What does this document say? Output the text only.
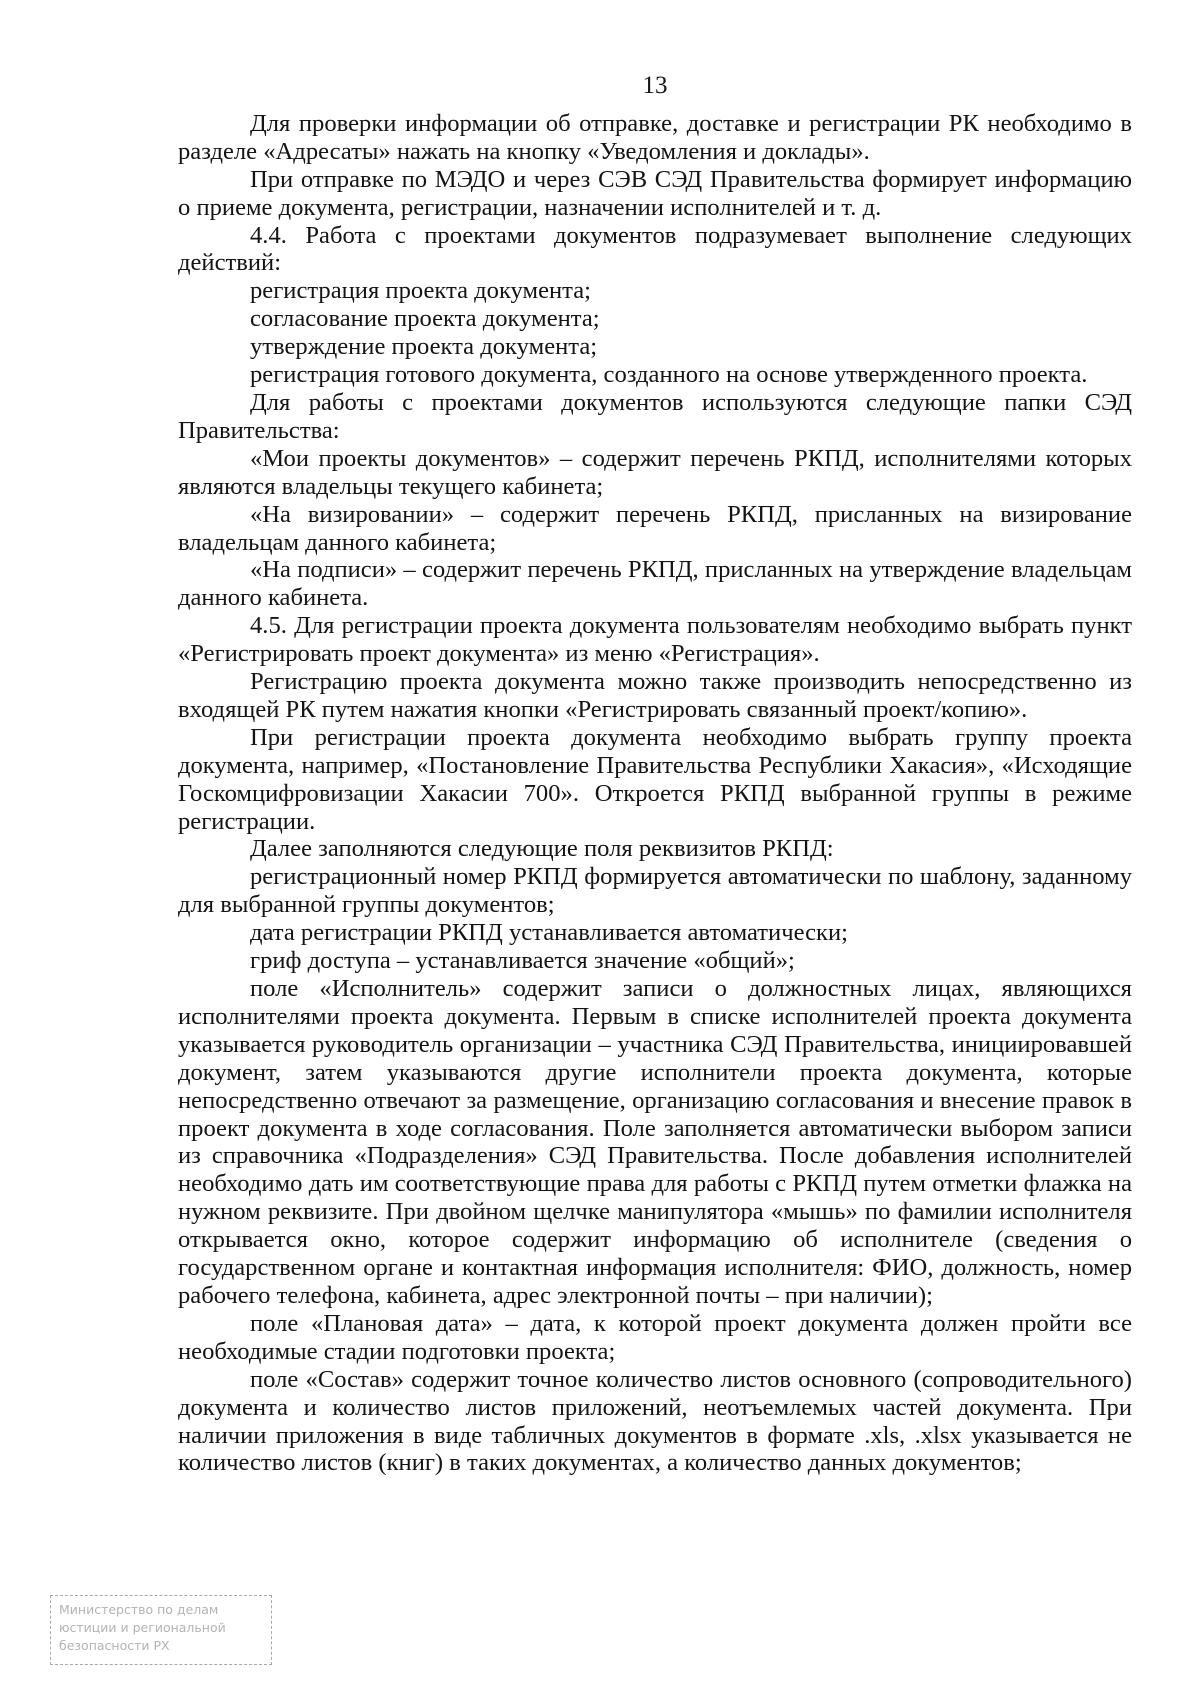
13

Для проверки информации об отправке, доставке и регистрации РК необходимо в разделе «Адресаты» нажать на кнопку «Уведомления и доклады».

При отправке по МЭДО и через СЭВ СЭД Правительства формирует информацию о приеме документа, регистрации, назначении исполнителей и т. д.

4.4. Работа с проектами документов подразумевает выполнение следующих действий:

регистрация проекта документа;

согласование проекта документа;

утверждение проекта документа;

регистрация готового документа, созданного на основе утвержденного проекта.

Для работы с проектами документов используются следующие папки СЭД Правительства:

«Мои проекты документов» – содержит перечень РКПД, исполнителями которых являются владельцы текущего кабинета;

«На визировании» – содержит перечень РКПД, присланных на визирование владельцам данного кабинета;

«На подписи» – содержит перечень РКПД, присланных на утверждение владельцам данного кабинета.

4.5. Для регистрации проекта документа пользователям необходимо выбрать пункт «Регистрировать проект документа» из меню «Регистрация».

Регистрацию проекта документа можно также производить непосредственно из входящей РК путем нажатия кнопки «Регистрировать связанный проект/копию».

При регистрации проекта документа необходимо выбрать группу проекта документа, например, «Постановление Правительства Республики Хакасия», «Исходящие Госкомцифровизации Хакасии 700». Откроется РКПД выбранной группы в режиме регистрации.

Далее заполняются следующие поля реквизитов РКПД:

регистрационный номер РКПД формируется автоматически по шаблону, заданному для выбранной группы документов;

дата регистрации РКПД устанавливается автоматически;

гриф доступа – устанавливается значение «общий»;

поле «Исполнитель» содержит записи о должностных лицах, являющихся исполнителями проекта документа. Первым в списке исполнителей проекта документа указывается руководитель организации – участника СЭД Правительства, инициировавшей документ, затем указываются другие исполнители проекта документа, которые непосредственно отвечают за размещение, организацию согласования и внесение правок в проект документа в ходе согласования. Поле заполняется автоматически выбором записи из справочника «Подразделения» СЭД Правительства. После добавления исполнителей необходимо дать им соответствующие права для работы с РКПД путем отметки флажка на нужном реквизите. При двойном щелчке манипулятора «мышь» по фамилии исполнителя открывается окно, которое содержит информацию об исполнителе (сведения о государственном органе и контактная информация исполнителя: ФИО, должность, номер рабочего телефона, кабинета, адрес электронной почты – при наличии);

поле «Плановая дата» – дата, к которой проект документа должен пройти все необходимые стадии подготовки проекта;

поле «Состав» содержит точное количество листов основного (сопроводительного) документа и количество листов приложений, неотъемлемых частей документа. При наличии приложения в виде табличных документов в формате .xls, .xlsx указывается не количество листов (книг) в таких документах, а количество данных документов;

Министерство по делам
юстиции и региональной
безопасности РХ
